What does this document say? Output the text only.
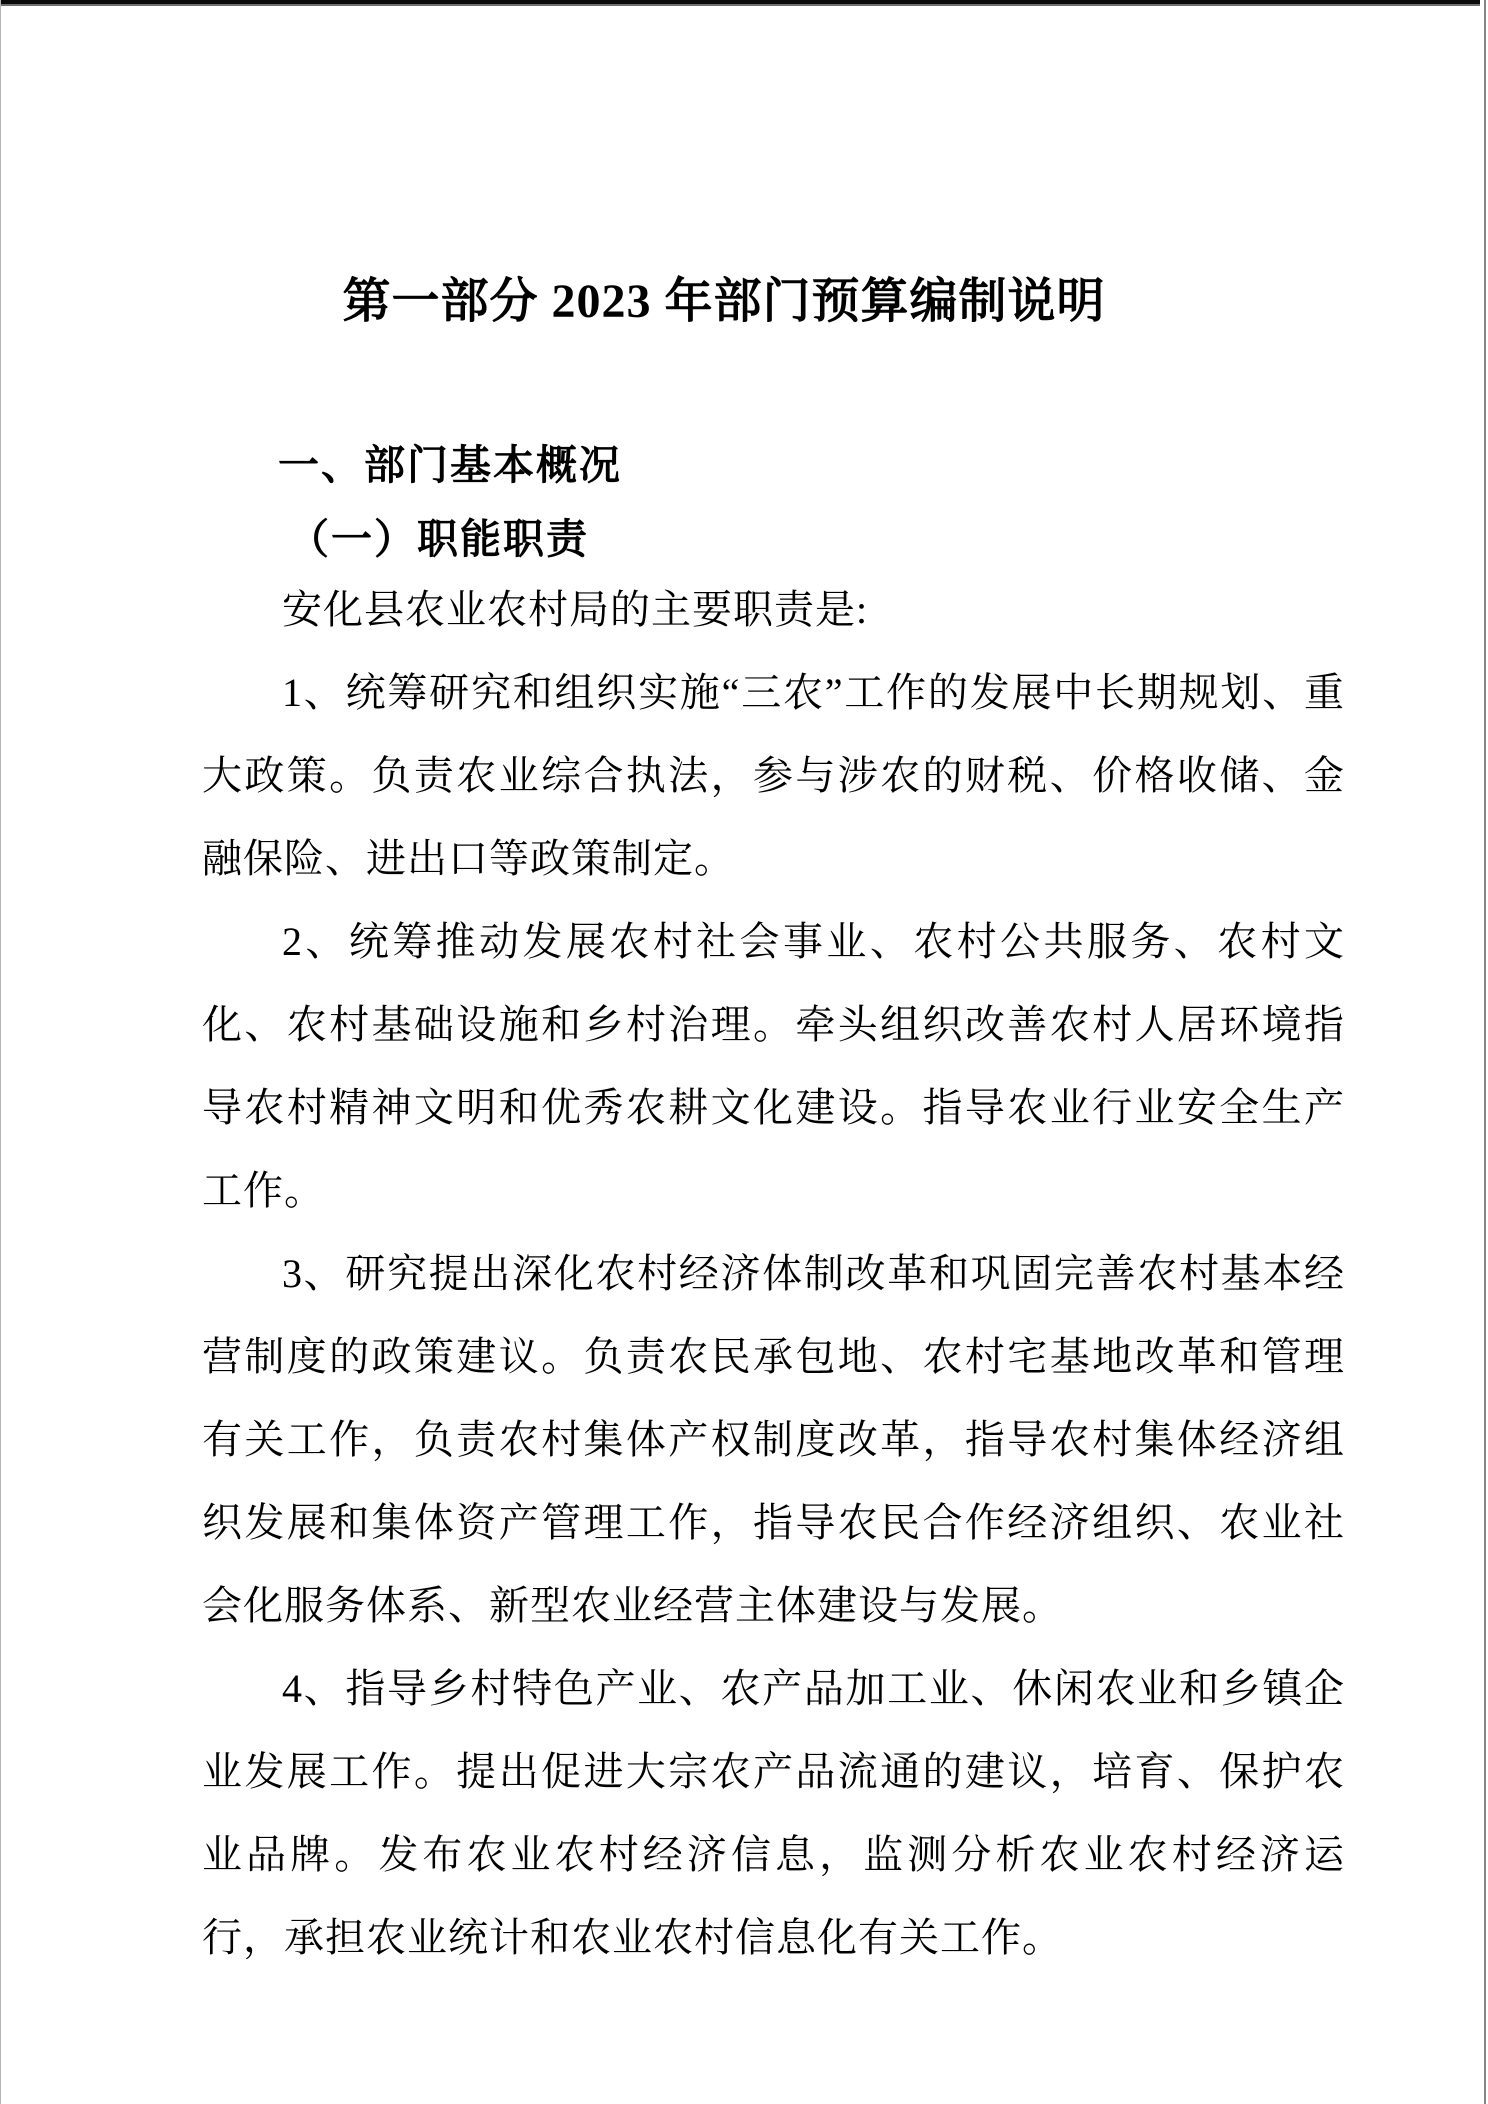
第一部分 2023 年部门预算编制说明
一、部门基本概况
（一）职能职责

安化县农业农村局的主要职责是:

1、统筹研究和组织实施“三农”工作的发展中长期规划、重大政策。负责农业综合执法，参与涉农的财税、价格收储、金融保险、进出口等政策制定。

2、统筹推动发展农村社会事业、农村公共服务、农村文化、农村基础设施和乡村治理。牵头组织改善农村人居环境指导农村精神文明和优秀农耕文化建设。指导农业行业安全生产工作。

3、研究提出深化农村经济体制改革和巩固完善农村基本经营制度的政策建议。负责农民承包地、农村宅基地改革和管理有关工作，负责农村集体产权制度改革，指导农村集体经济组织发展和集体资产管理工作，指导农民合作经济组织、农业社会化服务体系、新型农业经营主体建设与发展。

4、指导乡村特色产业、农产品加工业、休闲农业和乡镇企业发展工作。提出促进大宗农产品流通的建议，培育、保护农业品牌。发布农业农村经济信息，监测分析农业农村经济运行，承担农业统计和农业农村信息化有关工作。
